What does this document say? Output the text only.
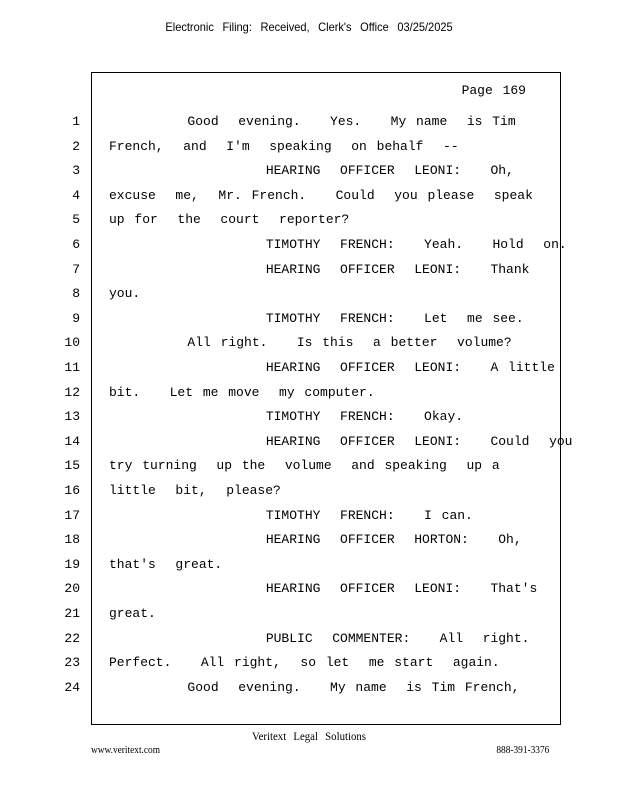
Electronic Filing: Received, Clerk's Office 03/25/2025
Page 169
1 Good  evening.   Yes.   My name  is Tim
2 French,  and  I'm  speaking  on behalf  --
3 HEARING  OFFICER  LEONI:   Oh,
4 excuse  me,  Mr. French.   Could  you please  speak
5 up for  the  court  reporter?
6 TIMOTHY  FRENCH:   Yeah.   Hold  on.
7 HEARING  OFFICER  LEONI:   Thank
8 you.
9 TIMOTHY  FRENCH:   Let  me see.
10 All right.   Is this  a better  volume?
11 HEARING  OFFICER  LEONI:   A little
12 bit.   Let me move  my computer.
13 TIMOTHY  FRENCH:   Okay.
14 HEARING  OFFICER  LEONI:   Could  you
15 try turning  up the  volume  and speaking  up a
16 little  bit,  please?
17 TIMOTHY  FRENCH:   I can.
18 HEARING  OFFICER  HORTON:   Oh,
19 that's  great.
20 HEARING  OFFICER  LEONI:   That's
21 great.
22 PUBLIC  COMMENTER:   All  right.
23 Perfect.   All right,  so let  me start  again.
24 Good  evening.   My name  is Tim French,
Veritext Legal Solutions
www.veritext.com	888-391-3376
